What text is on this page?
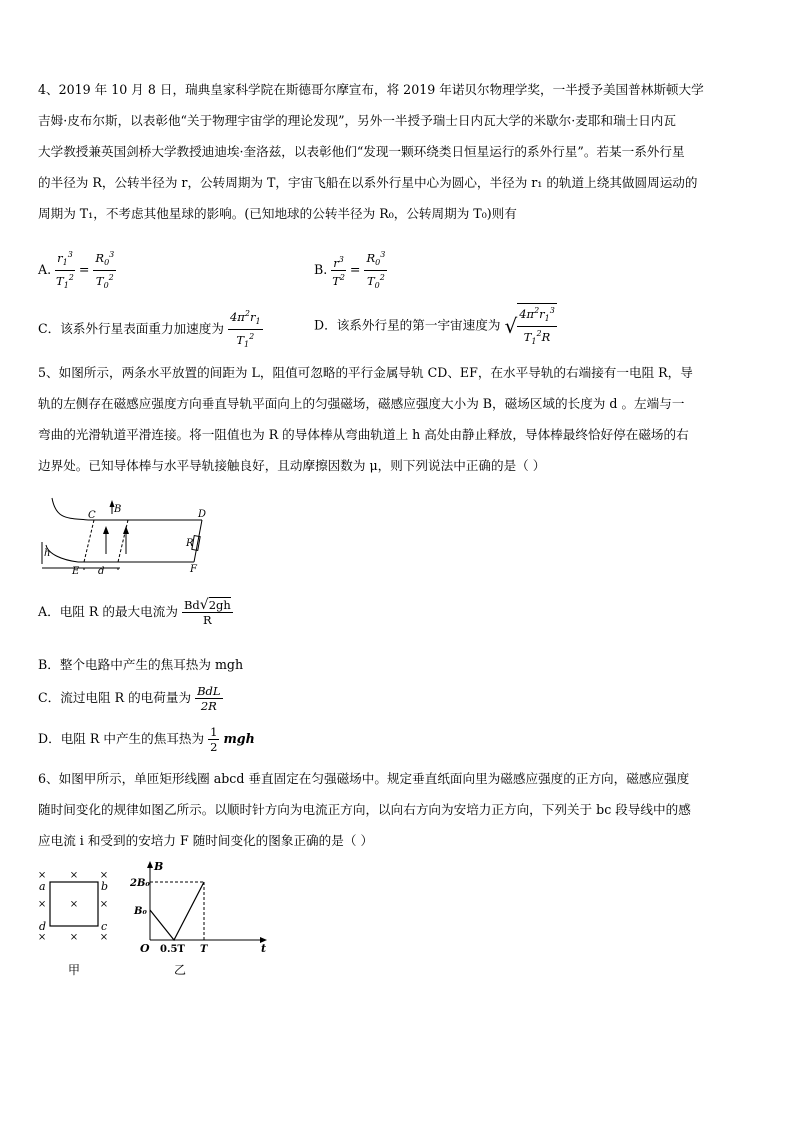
4、2019 年 10 月 8 日，瑞典皇家科学院在斯德哥尔摩宣布，将 2019 年诺贝尔物理学奖，一半授予美国普林斯顿大学
吉姆·皮布尔斯，以表彰他“关于物理宇宙学的理论发现”，另外一半授予瑞士日内瓦大学的米歇尔·麦耶和瑞士日内瓦
大学教授兼英国剑桥大学教授迪迪埃·奎洛兹，以表彰他们“发现一颗环绕类日恒星运行的系外行星”。若某一系外行星
的半径为 R，公转半径为 r，公转周期为 T，宇宙飞船在以系外行星中心为圆心，半径为 r₁ 的轨道上绕其做圆周运动的
周期为 T₁，不考虑其他星球的影响。(已知地球的公转半径为 R₀，公转周期为 T₀)则有
A. $\frac{r_1^3}{T_1^2} = \frac{R_0^3}{T_0^2}$	B. $\frac{r^3}{T^2} = \frac{R_0^3}{T_0^2}$
C．该系外行星表面重力加速度为 $\frac{4\pi^2r_1}{T_1^2}$	D．该系外行星的第一宇宙速度为 √ $\frac{4\pi^2r_1^3}{T_1^2R}$
5、如图所示，两条水平放置的间距为 L，阻值可忽略的平行金属导轨 CD、EF，在水平导轨的右端接有一电阻 R，导
轨的左侧存在磁感应强度方向垂直导轨平面向上的匀强磁场，磁感应强度大小为 B，磁场区域的长度为 d 。左端与一
弯曲的光滑轨道平滑连接。将一阻值也为 R 的导体棒从弯曲轨道上 h 高处由静止释放，导体棒最终恰好停在磁场的右
边界处。已知导体棒与水平导轨接触良好，且动摩擦因数为 μ，则下列说法中正确的是（ ）
C
B	D
R
h
E d	F
A．电阻 R 的最大电流为 $\frac{Bd√2gh}{R}$
B．整个电路中产生的焦耳热为 mgh
C．流过电阻 R 的电荷量为 $\frac{\text{BdL}}{2R}$
D．电阻 R 中产生的焦耳热为 $\frac{1}{2}$ mgh
6、如图甲所示，单匝矩形线圈 abcd 垂直固定在匀强磁场中。规定垂直纸面向里为磁感应强度的正方向，磁感应强度
随时间变化的规律如图乙所示。以顺时针方向为电流正方向，以向右方向为安培力正方向，下列关于 bc 段导线中的感
应电流 i 和受到的安培力 F 随时间变化的图象正确的是（ ）
× × ×
× × ×
× × ×
a	b
c
d
甲
B
2B₀
B₀
O 0.5T T	t
乙
